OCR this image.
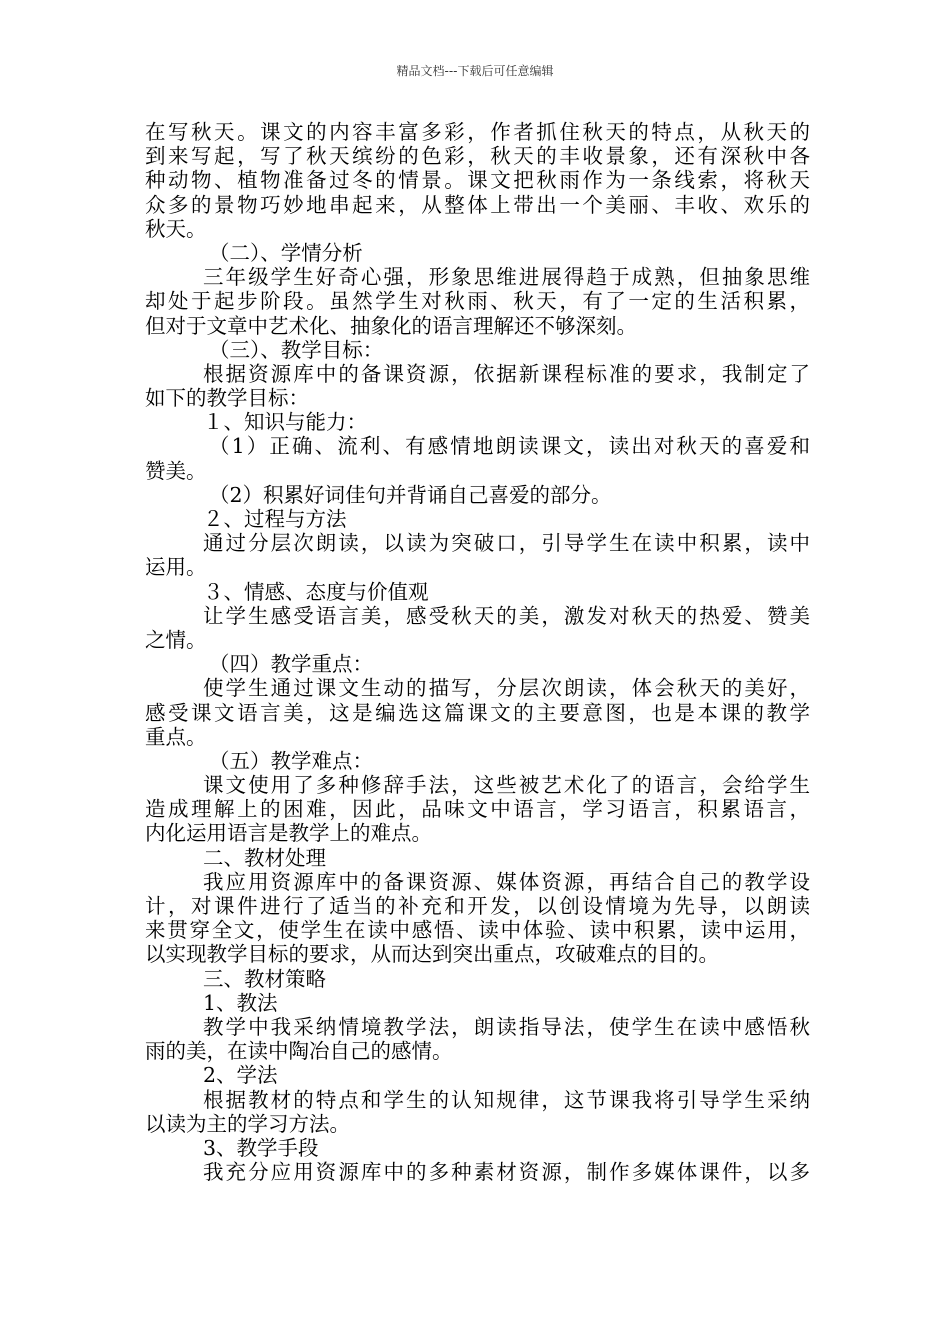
精品文档---下载后可任意编辑
在写秋天。课文的内容丰富多彩，作者抓住秋天的特点，从秋天的
到来写起，写了秋天缤纷的色彩，秋天的丰收景象，还有深秋中各
种动物、植物准备过冬的情景。课文把秋雨作为一条线索，将秋天
众多的景物巧妙地串起来，从整体上带出一个美丽、丰收、欢乐的
秋天。
（二）、学情分析
三年级学生好奇心强，形象思维进展得趋于成熟，但抽象思维
却处于起步阶段。虽然学生对秋雨、秋天，有了一定的生活积累，
但对于文章中艺术化、抽象化的语言理解还不够深刻。
（三）、教学目标：
根据资源库中的备课资源，依据新课程标准的要求，我制定了
如下的教学目标：
１、知识与能力：
（1）正确、流利、有感情地朗读课文，读出对秋天的喜爱和
赞美。
（2）积累好词佳句并背诵自己喜爱的部分。
２、过程与方法
通过分层次朗读，以读为突破口，引导学生在读中积累，读中
运用。
３、情感、态度与价值观
让学生感受语言美，感受秋天的美，激发对秋天的热爱、赞美
之情。
（四）教学重点：
使学生通过课文生动的描写，分层次朗读，体会秋天的美好，
感受课文语言美，这是编选这篇课文的主要意图，也是本课的教学
重点。
（五）教学难点：
课文使用了多种修辞手法，这些被艺术化了的语言，会给学生
造成理解上的困难，因此，品味文中语言，学习语言，积累语言，
内化运用语言是教学上的难点。
二、教材处理
我应用资源库中的备课资源、媒体资源，再结合自己的教学设
计，对课件进行了适当的补充和开发，以创设情境为先导，以朗读
来贯穿全文，使学生在读中感悟、读中体验、读中积累，读中运用，
以实现教学目标的要求，从而达到突出重点，攻破难点的目的。
三、教材策略
1、教法
教学中我采纳情境教学法，朗读指导法，使学生在读中感悟秋
雨的美，在读中陶冶自己的感情。
2、学法
根据教材的特点和学生的认知规律，这节课我将引导学生采纳
以读为主的学习方法。
3、教学手段
我充分应用资源库中的多种素材资源，制作多媒体课件，以多
